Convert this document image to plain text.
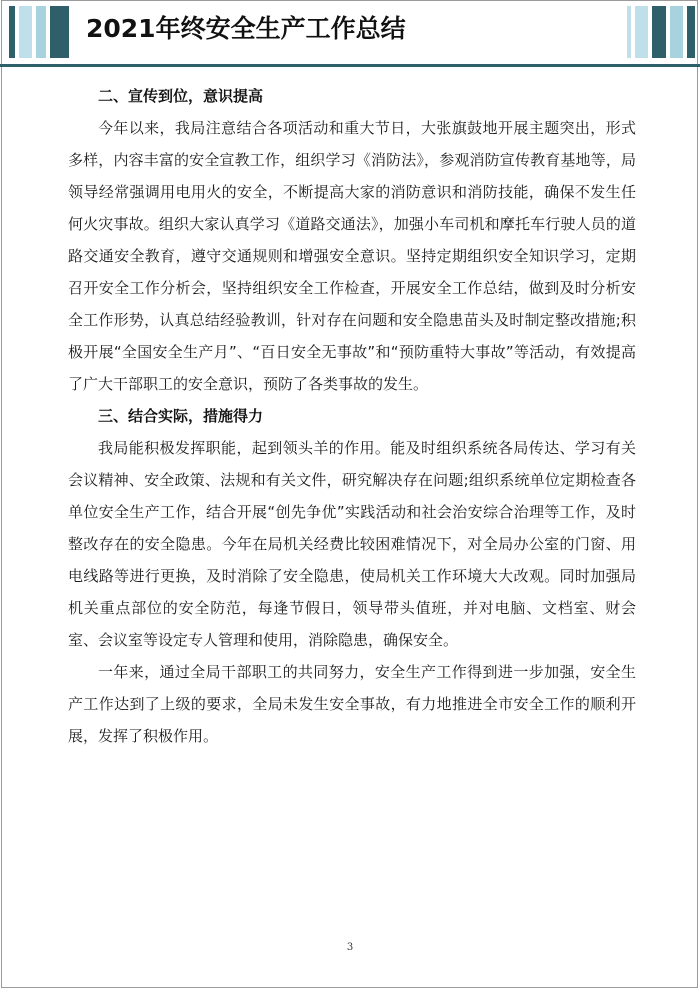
2021年终安全生产工作总结
二、宣传到位，意识提高

今年以来，我局注意结合各项活动和重大节日，大张旗鼓地开展主题突出，形式多样，内容丰富的安全宣教工作，组织学习《消防法》，参观消防宣传教育基地等，局领导经常强调用电用火的安全，不断提高大家的消防意识和消防技能，确保不发生任何火灾事故。组织大家认真学习《道路交通法》，加强小车司机和摩托车行驶人员的道路交通安全教育，遵守交通规则和增强安全意识。坚持定期组织安全知识学习，定期召开安全工作分析会，坚持组织安全工作检查，开展安全工作总结，做到及时分析安全工作形势，认真总结经验教训，针对存在问题和安全隐患苗头及时制定整改措施;积极开展“全国安全生产月”、“百日安全无事故”和“预防重特大事故”等活动，有效提高了广大干部职工的安全意识，预防了各类事故的发生。

三、结合实际，措施得力

我局能积极发挥职能，起到领头羊的作用。能及时组织系统各局传达、学习有关会议精神、安全政策、法规和有关文件，研究解决存在问题;组织系统单位定期检查各单位安全生产工作，结合开展“创先争优”实践活动和社会治安综合治理等工作，及时整改存在的安全隐患。今年在局机关经费比较困难情况下，对全局办公室的门窗、用电线路等进行更换，及时消除了安全隐患，使局机关工作环境大大改观。同时加强局机关重点部位的安全防范，每逢节假日，领导带头值班，并对电脑、文档室、财会室、会议室等设定专人管理和使用，消除隐患，确保安全。

一年来，通过全局干部职工的共同努力，安全生产工作得到进一步加强，安全生产工作达到了上级的要求，全局未发生安全事故，有力地推进全市安全工作的顺利开展，发挥了积极作用。

3
